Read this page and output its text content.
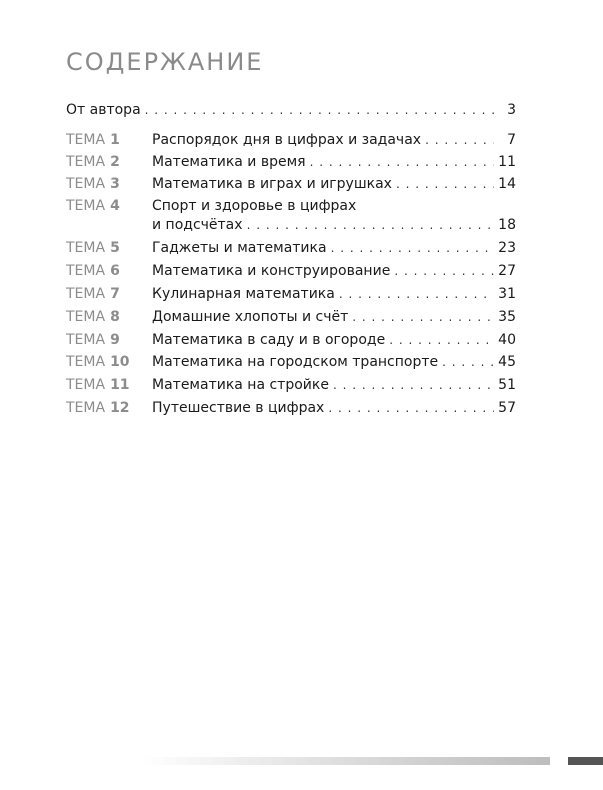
СОДЕРЖАНИЕ
От автора . . .	3
ТЕМА 1 Распорядок дня в цифрах и задачах . . .	7
ТЕМА 2 Математика и время . . .	11
ТЕМА 3 Математика в играх и игрушках . . .	14
ТЕМА 4 Спорт и здоровье в цифрах
и подсчётах . . .	18
ТЕМА 5 Гаджеты и математика . . .	23
ТЕМА 6 Математика и конструирование . . .	27
ТЕМА 7 Кулинарная математика . . .	31
ТЕМА 8 Домашние хлопоты и счёт . . .	35
ТЕМА 9 Математика в саду и в огороде . . .	40
ТЕМА 10 Математика на городском транспорте . . .	45
ТЕМА 11 Математика на стройке . . .	51
ТЕМА 12 Путешествие в цифрах . . .	57
